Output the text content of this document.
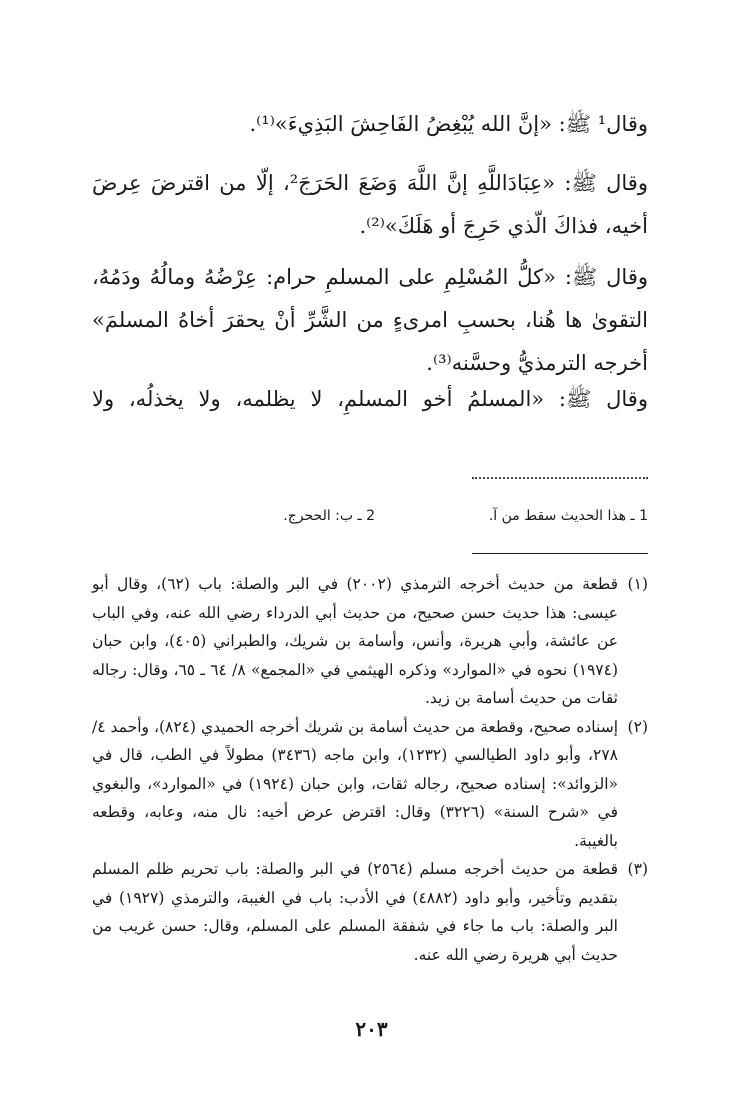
وقال¹ ﷺ: «إنَّ الله يُبْغِضُ الفَاحِشَ البَذِيءَ»⁽¹⁾.

وقال ﷺ: «عِبَادَاللَّهِ إنَّ اللَّهَ وَضَعَ الحَرَجَ²، إلّا من اقترضَ عِرضَ أخيه، فذاكَ الّذي حَرِجَ أو هَلَكَ»⁽²⁾.

وقال ﷺ: «كلُّ المُسْلِمِ على المسلمِ حرام: عِرْضُهُ ومالُهُ ودَمُهُ، التقوىٰ ها هُنا، بحسبِ امرىءٍ من الشَّرِّ أنْ يحقرَ أخاهُ المسلمَ» أخرجه الترمذيُّ وحسَّنه⁽³⁾.

وقال ﷺ: «المسلمُ أخو المسلمِ، لا يظلمه، ولا يخذلُه، ولا

1 ـ هذا الحديث سقط من آ.
2 ـ ب: الححرج.
(١)
قطعة من حديث أخرجه الترمذي (٢٠٠٢) في البر والصلة: باب (٦٢)، وقال أبو عيسى: هذا حديث حسن صحيح، من حديث أبي الدرداء رضي الله عنه، وفي الباب عن عائشة، وأبي هريرة، وأنس، وأسامة بن شريك، والطبراني (٤٠٥)، وابن حبان (١٩٧٤) نحوه في «الموارد» وذكره الهيثمي في «المجمع» ٨/ ٦٤ ـ ٦٥، وقال: رجاله ثقات من حديث أسامة بن زيد.
(٢)
إسناده صحيح، وقطعة من حديث أسامة بن شريك أخرجه الحميدي (٨٢٤)، وأحمد ٤/ ٢٧٨، وأبو داود الطيالسي (١٢٣٢)، وابن ماجه (٣٤٣٦) مطولاً في الطب، قال في «الزوائد»: إسناده صحيح، رجاله ثقات، وابن حبان (١٩٢٤) في «الموارد»، والبغوي في «شرح السنة» (٣٢٢٦) وقال: اقترض عرض أخيه: نال منه، وعابه، وقطعه بالغيبة.
(٣)
قطعة من حديث أخرجه مسلم (٢٥٦٤) في البر والصلة: باب تحريم ظلم المسلم بتقديم وتأخير، وأبو داود (٤٨٨٢) في الأدب: باب في الغيبة، والترمذي (١٩٢٧) في البر والصلة: باب ما جاء في شفقة المسلم على المسلم، وقال: حسن غريب من حديث أبي هريرة رضي الله عنه.
٢٠٣
